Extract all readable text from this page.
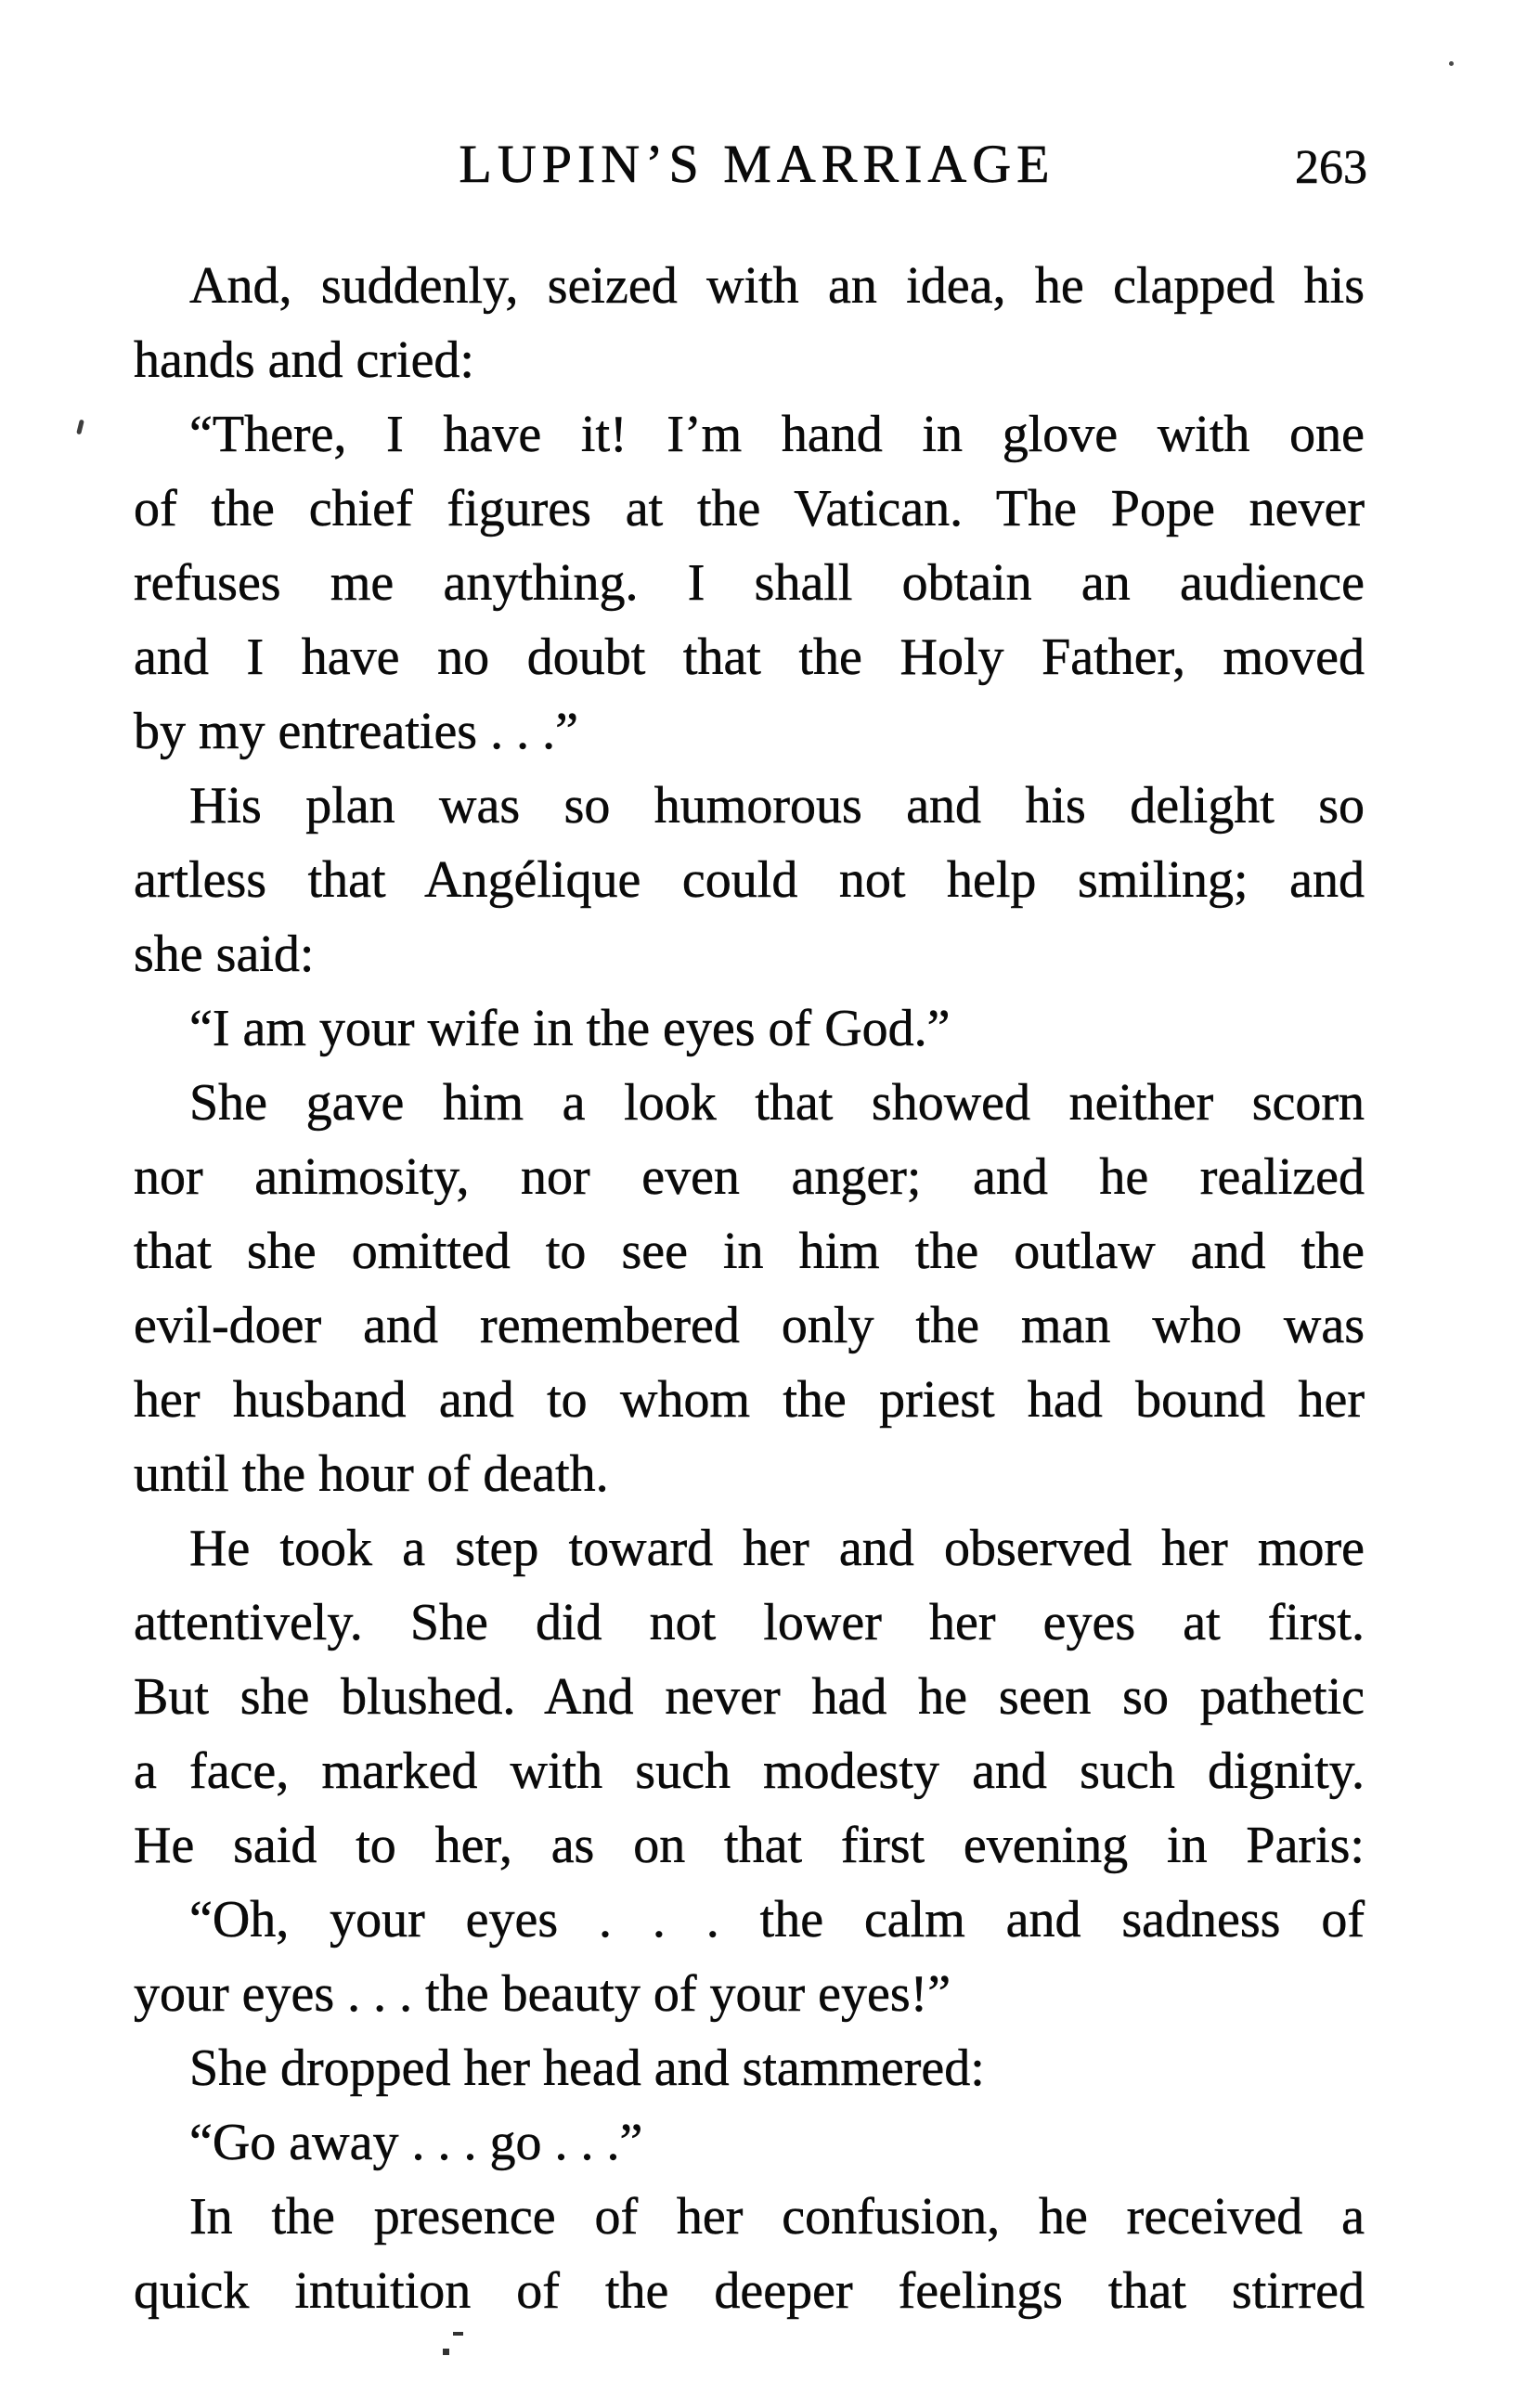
LUPIN’S MARRIAGE	263
And, suddenly, seized with an idea, he clapped his
hands and cried:
“There, I have it! I’m hand in glove with one
of the chief figures at the Vatican. The Pope never
refuses me anything. I shall obtain an audience
and I have no doubt that the Holy Father, moved
by my entreaties . . .”
His plan was so humorous and his delight so
artless that Angélique could not help smiling; and
she said:
“I am your wife in the eyes of God.”
She gave him a look that showed neither scorn
nor animosity, nor even anger; and he realized
that she omitted to see in him the outlaw and the
evil-doer and remembered only the man who was
her husband and to whom the priest had bound her
until the hour of death.
He took a step toward her and observed her more
attentively. She did not lower her eyes at first.
But she blushed. And never had he seen so pathetic
a face, marked with such modesty and such dignity.
He said to her, as on that first evening in Paris:
“Oh, your eyes . . . the calm and sadness of
your eyes . . . the beauty of your eyes!”
She dropped her head and stammered:
“Go away . . . go . . .”
In the presence of her confusion, he received a
quick intuition of the deeper feelings that stirred
